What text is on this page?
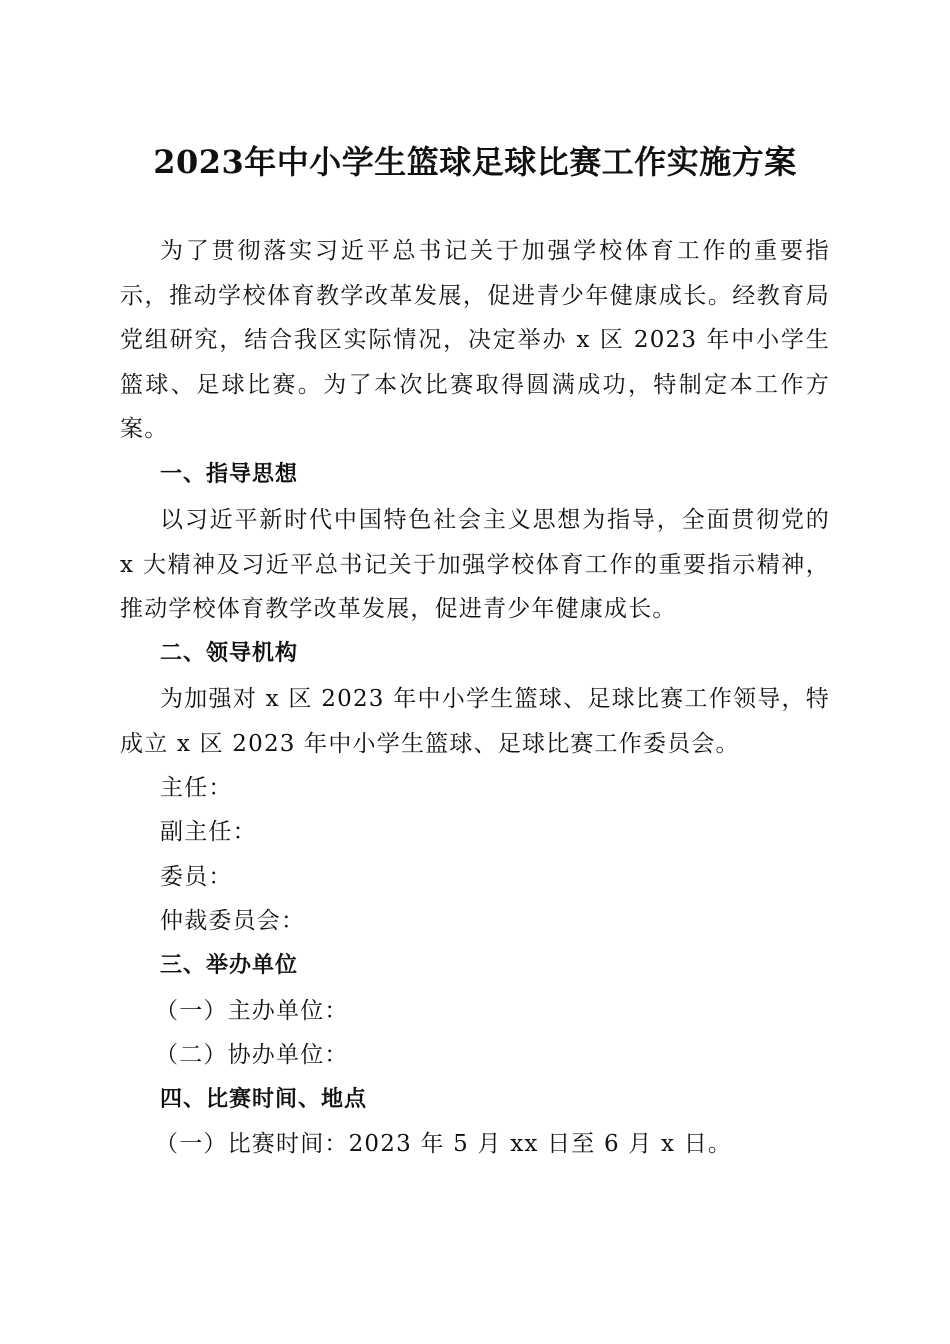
2023年中小学生篮球足球比赛工作实施方案
为了贯彻落实习近平总书记关于加强学校体育工作的重要指示，推动学校体育教学改革发展，促进青少年健康成长。经教育局党组研究，结合我区实际情况，决定举办 x 区 2023 年中小学生篮球、足球比赛。为了本次比赛取得圆满成功，特制定本工作方案。
一、指导思想
以习近平新时代中国特色社会主义思想为指导，全面贯彻党的 x 大精神及习近平总书记关于加强学校体育工作的重要指示精神，推动学校体育教学改革发展，促进青少年健康成长。
二、领导机构
为加强对 x 区 2023 年中小学生篮球、足球比赛工作领导，特成立 x 区 2023 年中小学生篮球、足球比赛工作委员会。
主任：
副主任：
委员：
仲裁委员会：
三、举办单位
（一）主办单位：
（二）协办单位：
四、比赛时间、地点
（一）比赛时间：2023 年 5 月 xx 日至 6 月 x 日。
